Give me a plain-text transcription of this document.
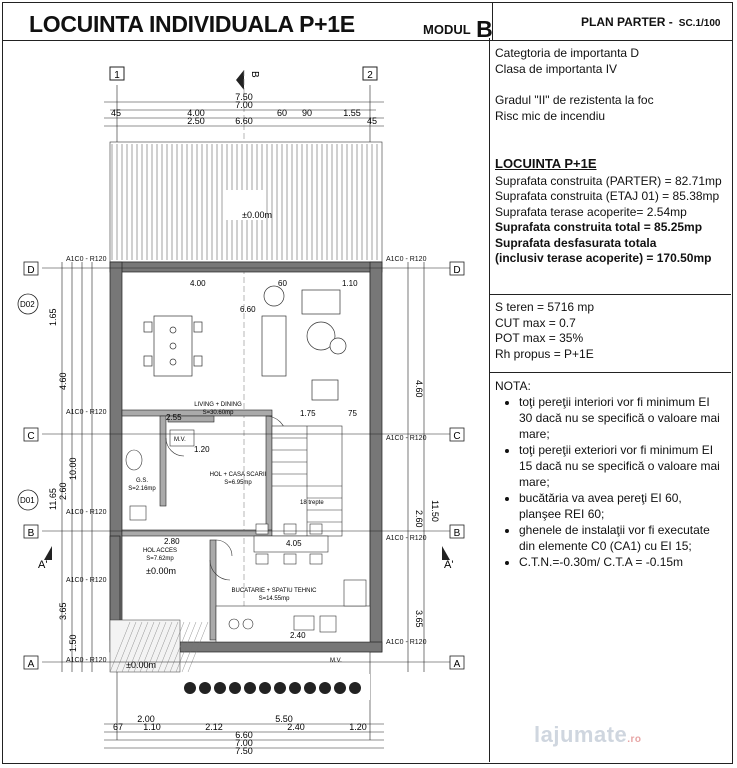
LOCUINTA INDIVIDUALA P+1E	MODUL B	PLAN PARTER - SC.1/100
1	2
B
7.50
7.00
4.00	60 90	1.55
45
2.50	6.60	45
±0.00m
18 trepte
M.V.
M.V.
±0.00m
D	D
C	C
B	B
A	A
D02
D01
A'	A'
1.65
4.60
10.00
11.65 2.60
3.65
1.50
4.60
11.50
2.60
3.65
A1C0 - R120	A1C0 - R120
A1C0 - R120
A1C0 - R120
A1C0 - R120
A1C0 - R120
A1C0 - R120
A1C0 - R120
A1C0 - R120
LIVING + DINING
S=30.60mp
HOL + CASA SCARII
S=6.95mp
G.S.
S=2.16mp
HOL ACCES
S=7.62mp
BUCATARIE + SPATIU TEHNIC
S=14.55mp
±0.00m
4.00	60	1.10
6.60
2.55	1.75	75
1.20
4.05
2.40
2.80
2.00	5.50
67 1.10	2.12	2.40	1.20
6.60
7.00
7.50
Categtoria de importanta D
Clasa de importanta IV
Gradul "II" de rezistenta la foc
Risc mic de incendiu
LOCUINTA P+1E
Suprafata construita (PARTER) = 82.71mp
Suprafata construita (ETAJ 01) = 85.38mp
Suprafata terase acoperite= 2.54mp
Suprafata construita total = 85.25mp
Suprafata desfasurata totala
(inclusiv terase acoperite) = 170.50mp
S teren = 5716 mp
CUT max = 0.7
POT max = 35%
Rh propus = P+1E
NOTA:
• toţi pereţii interiori vor fi minimum EI 30 dacă nu se specifică o valoare mai mare;
• toţi pereţii exteriori vor fi minimum EI 15 dacă nu se specifică o valoare mai mare;
• bucătăria va avea pereţi EI 60, planşee REI 60;
• ghenele de instalaţii vor fi executate din elemente C0 (CA1) cu EI 15;
• C.T.N.=-0.30m/ C.T.A = -0.15m
lajumate.ro
